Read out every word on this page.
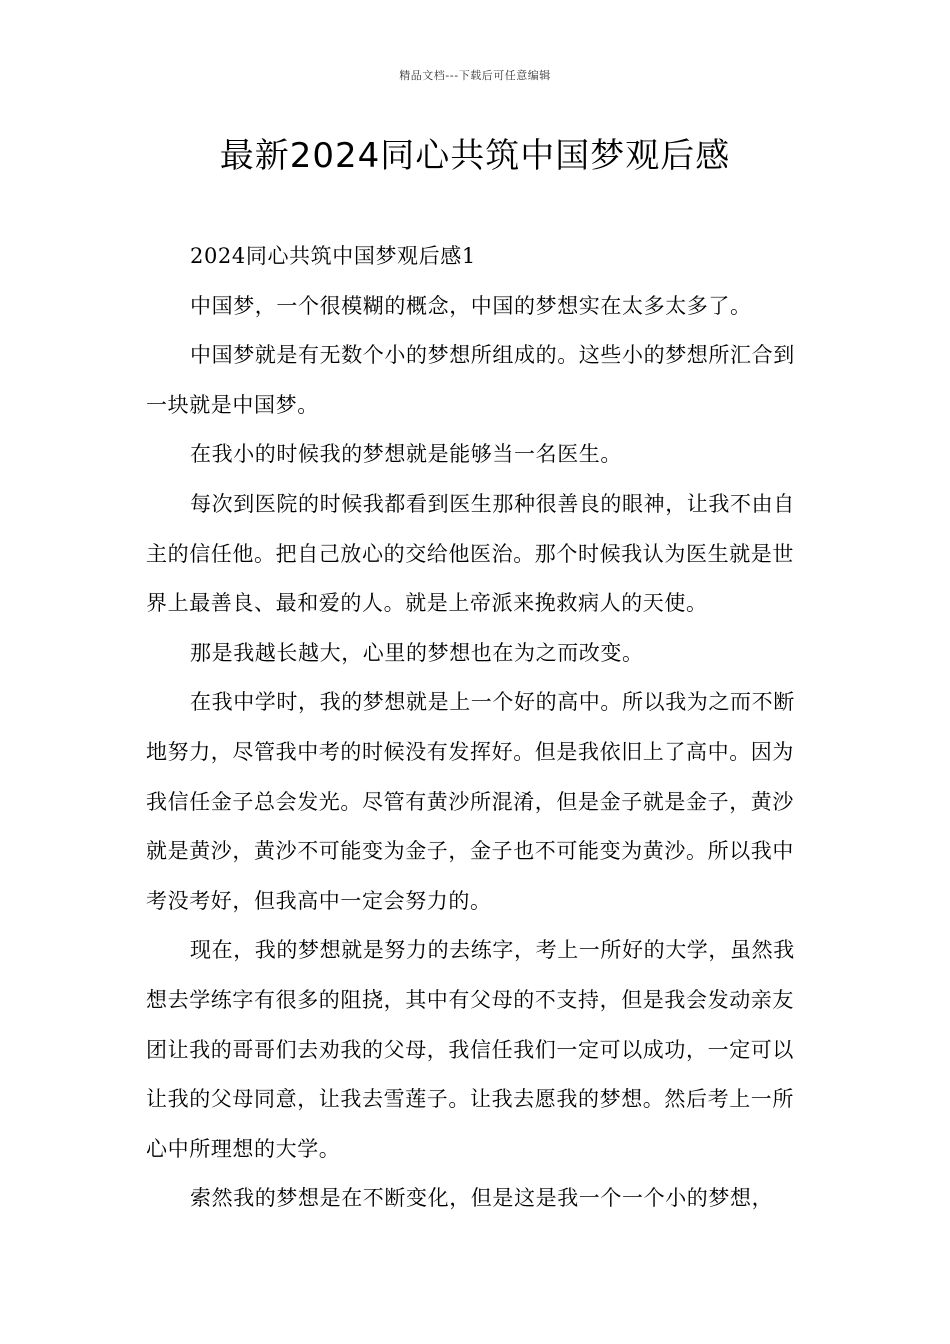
精品文档---下载后可任意编辑
最新2024同心共筑中国梦观后感

2024同心共筑中国梦观后感1

中国梦，一个很模糊的概念，中国的梦想实在太多太多了。

中国梦就是有无数个小的梦想所组成的。这些小的梦想所汇合到一块就是中国梦。

在我小的时候我的梦想就是能够当一名医生。

每次到医院的时候我都看到医生那种很善良的眼神，让我不由自主的信任他。把自己放心的交给他医治。那个时候我认为医生就是世界上最善良、最和爱的人。就是上帝派来挽救病人的天使。

那是我越长越大，心里的梦想也在为之而改变。

在我中学时，我的梦想就是上一个好的高中。所以我为之而不断地努力，尽管我中考的时候没有发挥好。但是我依旧上了高中。因为我信任金子总会发光。尽管有黄沙所混淆，但是金子就是金子，黄沙就是黄沙，黄沙不可能变为金子，金子也不可能变为黄沙。所以我中考没考好，但我高中一定会努力的。

现在，我的梦想就是努力的去练字，考上一所好的大学，虽然我想去学练字有很多的阻挠，其中有父母的不支持，但是我会发动亲友团让我的哥哥们去劝我的父母，我信任我们一定可以成功，一定可以让我的父母同意，让我去雪莲子。让我去愿我的梦想。然后考上一所心中所理想的大学。

索然我的梦想是在不断变化，但是这是我一个一个小的梦想，
